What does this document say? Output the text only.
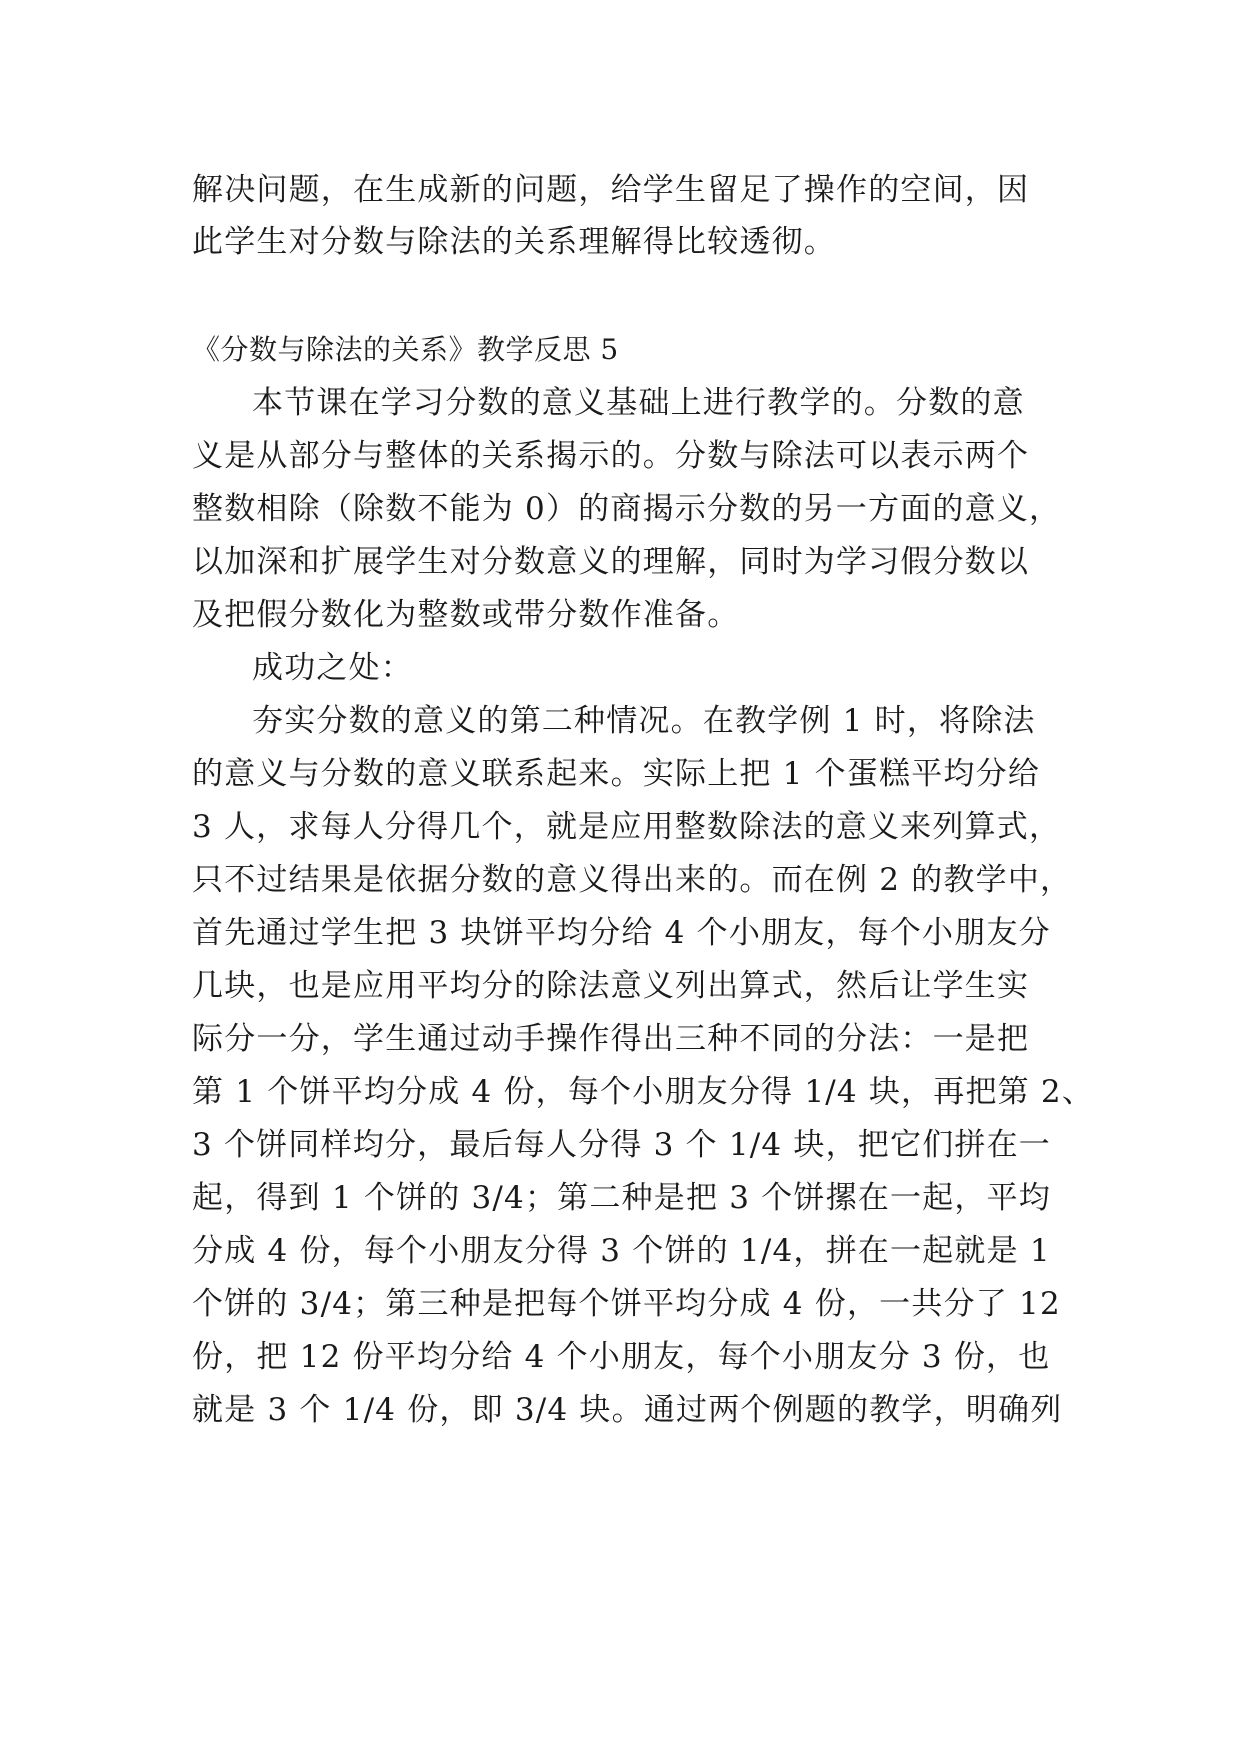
解决问题，在生成新的问题，给学生留足了操作的空间，因
此学生对分数与除法的关系理解得比较透彻。
《分数与除法的关系》教学反思 5
本节课在学习分数的意义基础上进行教学的。分数的意
义是从部分与整体的关系揭示的。分数与除法可以表示两个
整数相除（除数不能为 0）的商揭示分数的另一方面的意义，
以加深和扩展学生对分数意义的理解，同时为学习假分数以
及把假分数化为整数或带分数作准备。
成功之处：
夯实分数的意义的第二种情况。在教学例 1 时，将除法
的意义与分数的意义联系起来。实际上把 1 个蛋糕平均分给
3 人，求每人分得几个，就是应用整数除法的意义来列算式，
只不过结果是依据分数的意义得出来的。而在例 2 的教学中，
首先通过学生把 3 块饼平均分给 4 个小朋友，每个小朋友分
几块，也是应用平均分的除法意义列出算式，然后让学生实
际分一分，学生通过动手操作得出三种不同的分法：一是把
第 1 个饼平均分成 4 份，每个小朋友分得 1/4 块，再把第 2、
3 个饼同样均分，最后每人分得 3 个 1/4 块，把它们拼在一
起，得到 1 个饼的 3/4；第二种是把 3 个饼摞在一起，平均
分成 4 份，每个小朋友分得 3 个饼的 1/4，拼在一起就是 1
个饼的 3/4；第三种是把每个饼平均分成 4 份，一共分了 12
份，把 12 份平均分给 4 个小朋友，每个小朋友分 3 份，也
就是 3 个 1/4 份，即 3/4 块。通过两个例题的教学，明确列
